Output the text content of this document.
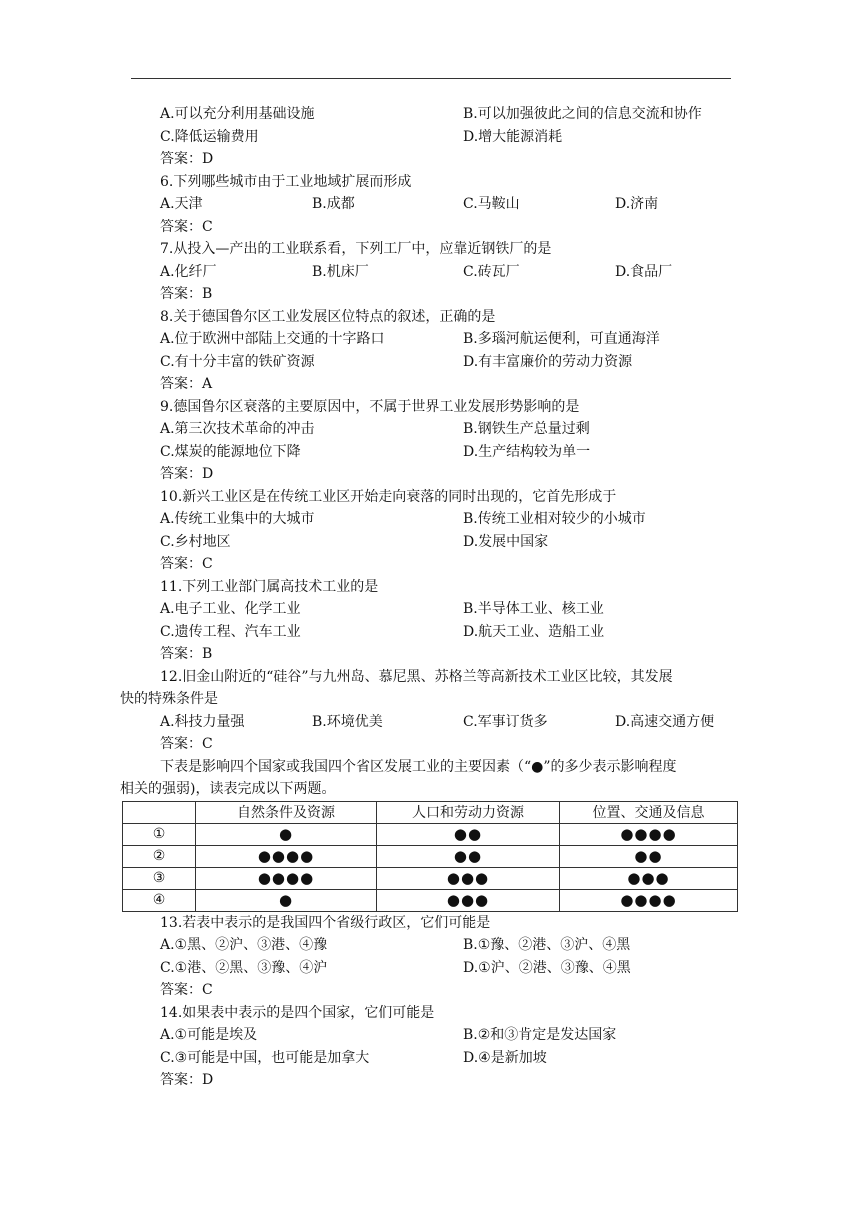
A.可以充分利用基础设施	B.可以加强彼此之间的信息交流和协作
C.降低运输费用	D.增大能源消耗
答案：D
6.下列哪些城市由于工业地域扩展而形成
A.天津	B.成都	C.马鞍山	D.济南
答案：C
7.从投入—产出的工业联系看，下列工厂中，应靠近钢铁厂的是
A.化纤厂	B.机床厂	C.砖瓦厂	D.食品厂
答案：B
8.关于德国鲁尔区工业发展区位特点的叙述，正确的是
A.位于欧洲中部陆上交通的十字路口	B.多瑙河航运便利，可直通海洋
C.有十分丰富的铁矿资源	D.有丰富廉价的劳动力资源
答案：A
9.德国鲁尔区衰落的主要原因中，不属于世界工业发展形势影响的是
A.第三次技术革命的冲击	B.钢铁生产总量过剩
C.煤炭的能源地位下降	D.生产结构较为单一
答案：D
10.新兴工业区是在传统工业区开始走向衰落的同时出现的，它首先形成于
A.传统工业集中的大城市	B.传统工业相对较少的小城市
C.乡村地区	D.发展中国家
答案：C
11.下列工业部门属高技术工业的是
A.电子工业、化学工业	B.半导体工业、核工业
C.遗传工程、汽车工业	D.航天工业、造船工业
答案：B
12.旧金山附近的“硅谷”与九州岛、慕尼黑、苏格兰等高新技术工业区比较，其发展
快的特殊条件是
A.科技力量强	B.环境优美	C.军事订货多	D.高速交通方便
答案：C
下表是影响四个国家或我国四个省区发展工业的主要因素（“●”的多少表示影响程度
相关的强弱)，读表完成以下两题。
	自然条件及资源	人口和劳动力资源	位置、交通及信息
①	●	●●	●●●●
②	●●●●	●●	●●
③	●●●●	●●●	●●●
④	●	●●●	●●●●
13.若表中表示的是我国四个省级行政区，它们可能是
A.①黑、②沪、③港、④豫	B.①豫、②港、③沪、④黑
C.①港、②黑、③豫、④沪	D.①沪、②港、③豫、④黑
答案：C
14.如果表中表示的是四个国家，它们可能是
A.①可能是埃及	B.②和③肯定是发达国家
C.③可能是中国，也可能是加拿大	D.④是新加坡
答案：D
